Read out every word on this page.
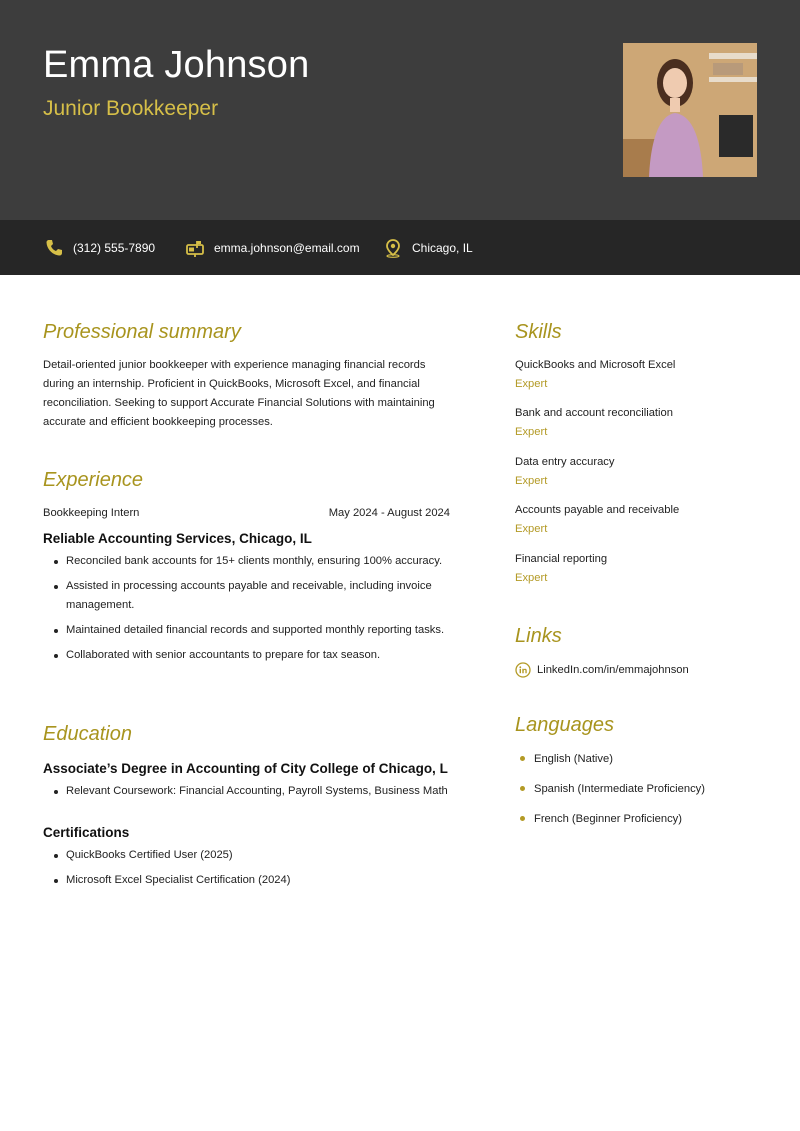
Emma Johnson
Junior Bookkeeper
(312) 555-7890	emma.johnson@email.com	Chicago, IL
Professional summary
Detail-oriented junior bookkeeper with experience managing financial records
during an internship. Proficient in QuickBooks, Microsoft Excel, and financial
reconciliation. Seeking to support Accurate Financial Solutions with maintaining
accurate and efficient bookkeeping processes.
Experience
Bookkeeping Intern	May 2024 - August 2024
Reliable Accounting Services, Chicago, IL
Reconciled bank accounts for 15+ clients monthly, ensuring 100% accuracy.
Assisted in processing accounts payable and receivable, including invoice management.
Maintained detailed financial records and supported monthly reporting tasks.
Collaborated with senior accountants to prepare for tax season.
Education
Associate’s Degree in Accounting of City College of Chicago, L
Relevant Coursework: Financial Accounting, Payroll Systems, Business Math
Certifications
QuickBooks Certified User (2025)
Microsoft Excel Specialist Certification (2024)
Skills
QuickBooks and Microsoft Excel
Expert
Bank and account reconciliation
Expert
Data entry accuracy
Expert
Accounts payable and receivable
Expert
Financial reporting
Expert
Links
LinkedIn.com/in/emmajohnson
Languages
English (Native)
Spanish (Intermediate Proficiency)
French (Beginner Proficiency)
